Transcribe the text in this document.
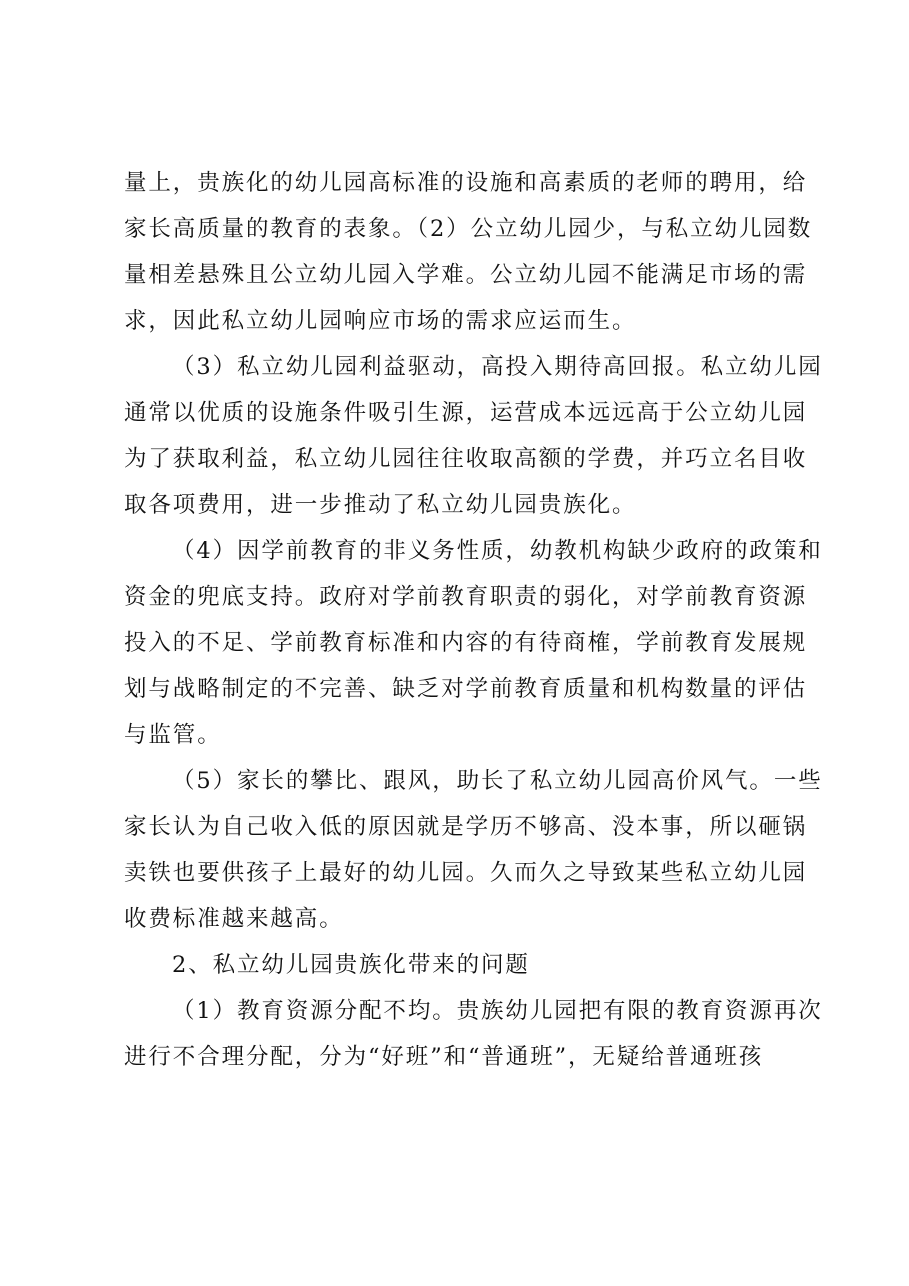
量上，贵族化的幼儿园高标准的设施和高素质的老师的聘用，给
家长高质量的教育的表象。（2）公立幼儿园少，与私立幼儿园数
量相差悬殊且公立幼儿园入学难。公立幼儿园不能满足市场的需
求，因此私立幼儿园响应市场的需求应运而生。

（3）私立幼儿园利益驱动，高投入期待高回报。私立幼儿园
通常以优质的设施条件吸引生源，运营成本远远高于公立幼儿园
为了获取利益，私立幼儿园往往收取高额的学费，并巧立名目收
取各项费用，进一步推动了私立幼儿园贵族化。

（4）因学前教育的非义务性质，幼教机构缺少政府的政策和
资金的兜底支持。政府对学前教育职责的弱化，对学前教育资源
投入的不足、学前教育标准和内容的有待商榷，学前教育发展规
划与战略制定的不完善、缺乏对学前教育质量和机构数量的评估
与监管。

（5）家长的攀比、跟风，助长了私立幼儿园高价风气。一些
家长认为自己收入低的原因就是学历不够高、没本事，所以砸锅
卖铁也要供孩子上最好的幼儿园。久而久之导致某些私立幼儿园
收费标准越来越高。

2、私立幼儿园贵族化带来的问题

（1）教育资源分配不均。贵族幼儿园把有限的教育资源再次
进行不合理分配，分为“好班”和“普通班”，无疑给普通班孩
